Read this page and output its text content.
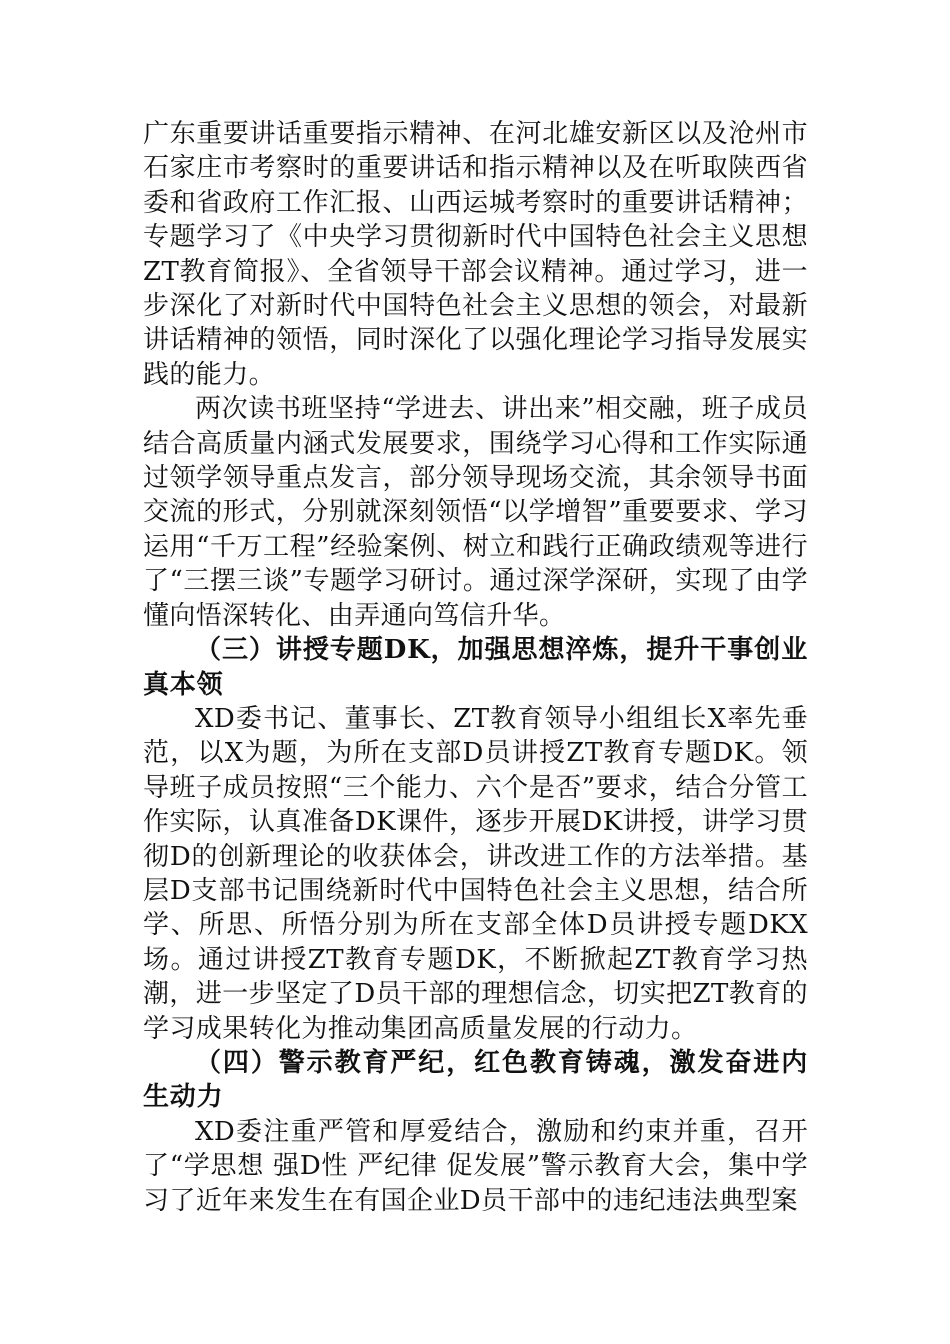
广东重要讲话重要指示精神、在河北雄安新区以及沧州市石家庄市考察时的重要讲话和指示精神以及在听取陕西省委和省政府工作汇报、山西运城考察时的重要讲话精神；专题学习了《中央学习贯彻新时代中国特色社会主义思想ZT教育简报》、全省领导干部会议精神。通过学习，进一步深化了对新时代中国特色社会主义思想的领会，对最新讲话精神的领悟，同时深化了以强化理论学习指导发展实践的能力。

两次读书班坚持“学进去、讲出来”相交融，班子成员结合高质量内涵式发展要求，围绕学习心得和工作实际通过领学领导重点发言，部分领导现场交流，其余领导书面交流的形式，分别就深刻领悟“以学增智”重要要求、学习运用“千万工程”经验案例、树立和践行正确政绩观等进行了“三摆三谈”专题学习研讨。通过深学深研，实现了由学懂向悟深转化、由弄通向笃信升华。

（三）讲授专题DK，加强思想淬炼，提升干事创业真本领

XD委书记、董事长、ZT教育领导小组组长X率先垂范，以X为题，为所在支部D员讲授ZT教育专题DK。领导班子成员按照“三个能力、六个是否”要求，结合分管工作实际，认真准备DK课件，逐步开展DK讲授，讲学习贯彻D的创新理论的收获体会，讲改进工作的方法举措。基层D支部书记围绕新时代中国特色社会主义思想，结合所学、所思、所悟分别为所在支部全体D员讲授专题DKX场。通过讲授ZT教育专题DK，不断掀起ZT教育学习热潮，进一步坚定了D员干部的理想信念，切实把ZT教育的学习成果转化为推动集团高质量发展的行动力。

（四）警示教育严纪，红色教育铸魂，激发奋进内生动力

XD委注重严管和厚爱结合，激励和约束并重，召开了“学思想 强D性 严纪律 促发展”警示教育大会，集中学习了近年来发生在有国企业D员干部中的违纪违法典型案
